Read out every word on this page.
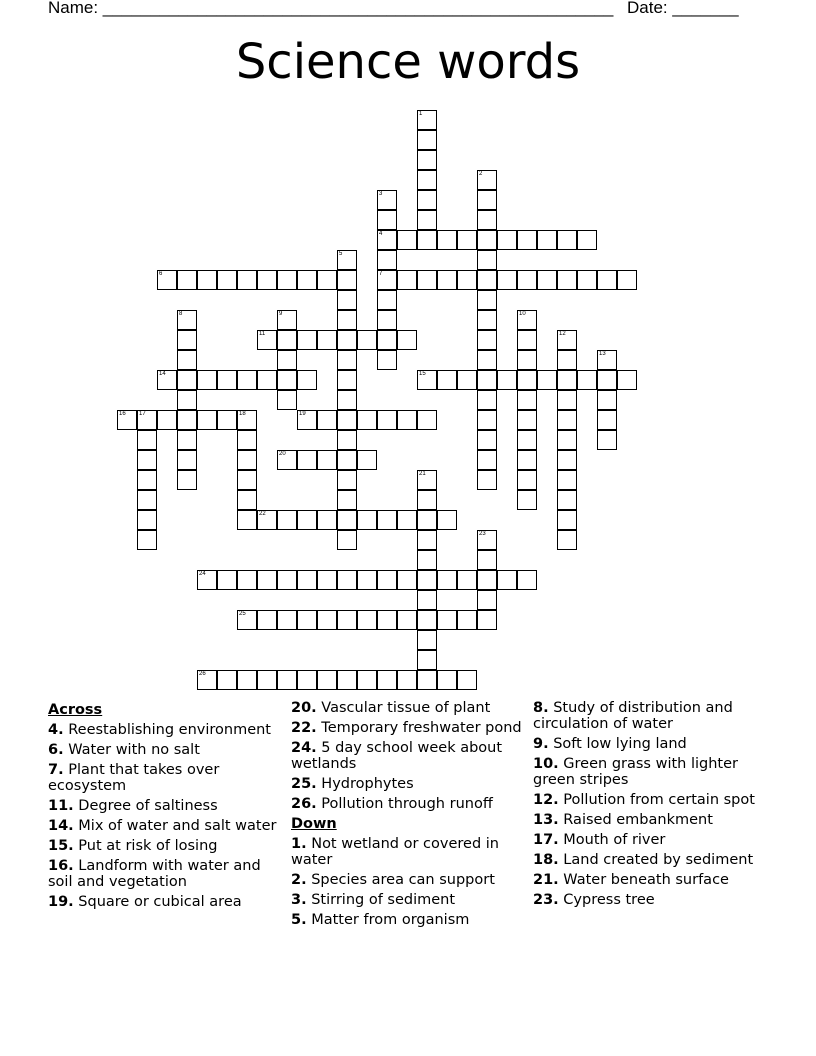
Name: ______________________________________________________ Date: _______
Science words
1
2
3
4
7
5
6
8	9	10
11	12
13
14	15
16 17	18	19
20
21
22
23
24
25
26
Across
4. Reestablishing environment
6. Water with no salt
7. Plant that takes over ecosystem
11. Degree of saltiness
14. Mix of water and salt water
15. Put at risk of losing
16. Landform with water and soil and vegetation
19. Square or cubical area
20. Vascular tissue of plant
22. Temporary freshwater pond
24. 5 day school week about wetlands
25. Hydrophytes
26. Pollution through runoff
Down
1. Not wetland or covered in water
2. Species area can support
3. Stirring of sediment
5. Matter from organism
8. Study of distribution and circulation of water
9. Soft low lying land
10. Green grass with lighter green stripes
12. Pollution from certain spot
13. Raised embankment
17. Mouth of river
18. Land created by sediment
21. Water beneath surface
23. Cypress tree
